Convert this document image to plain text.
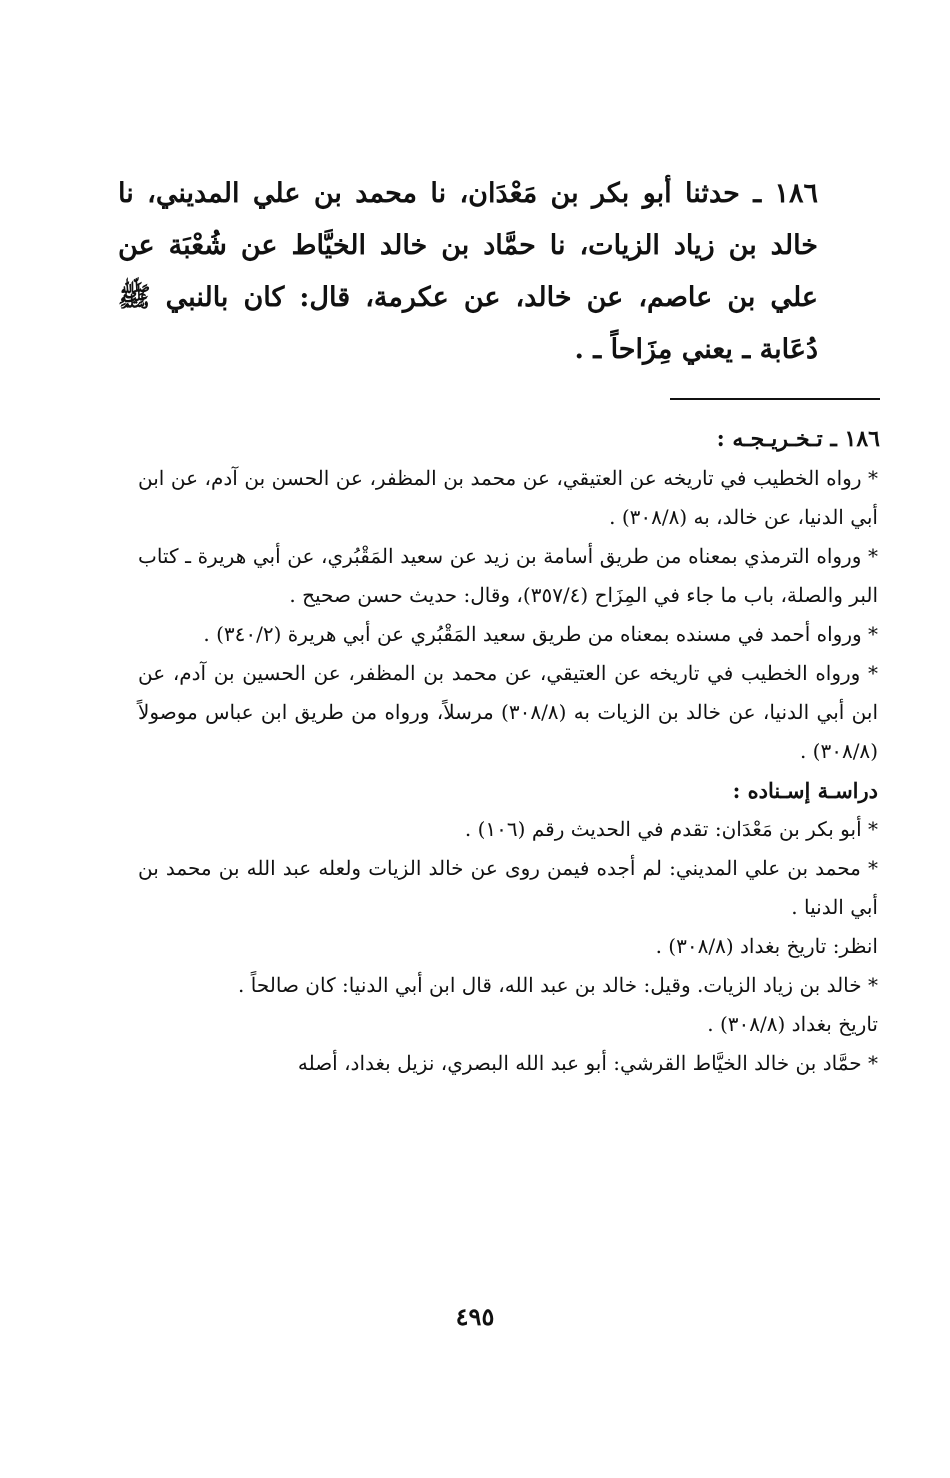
١٨٦ ـ حدثنا أبو بكر بن مَعْدَان، نا محمد بن علي المديني، نا خالد بن زياد الزيات، نا حمَّاد بن خالد الخيَّاط عن شُعْبَة عن علي بن عاصم، عن خالد، عن عكرمة، قال: كان بالنبي ﷺ دُعَابة ـ يعني مِزَاحاً ـ .
١٨٦ ـ تـخـريـجـه :

* رواه الخطيب في تاريخه عن العتيقي، عن محمد بن المظفر، عن الحسن بن آدم، عن ابن أبي الدنيا، عن خالد، به (٣٠٨/٨) .

* ورواه الترمذي بمعناه من طريق أسامة بن زيد عن سعيد المَقْبُري، عن أبي هريرة ـ كتاب البر والصلة، باب ما جاء في المِزَاح (٣٥٧/٤)، وقال: حديث حسن صحيح .

* ورواه أحمد في مسنده بمعناه من طريق سعيد المَقْبُري عن أبي هريرة (٣٤٠/٢) .

* ورواه الخطيب في تاريخه عن العتيقي، عن محمد بن المظفر، عن الحسين بن آدم، عن ابن أبي الدنيا، عن خالد بن الزيات به (٣٠٨/٨) مرسلاً، ورواه من طريق ابن عباس موصولاً (٣٠٨/٨) .

دراسـة إسـناده :

* أبو بكر بن مَعْدَان: تقدم في الحديث رقم (١٠٦) .

* محمد بن علي المديني: لم أجده فيمن روى عن خالد الزيات ولعله عبد الله بن محمد بن أبي الدنيا .

انظر: تاريخ بغداد (٣٠٨/٨) .

* خالد بن زياد الزيات. وقيل: خالد بن عبد الله، قال ابن أبي الدنيا: كان صالحاً .

تاريخ بغداد (٣٠٨/٨) .

* حمَّاد بن خالد الخيَّاط القرشي: أبو عبد الله البصري، نزيل بغداد، أصله

٤٩٥
